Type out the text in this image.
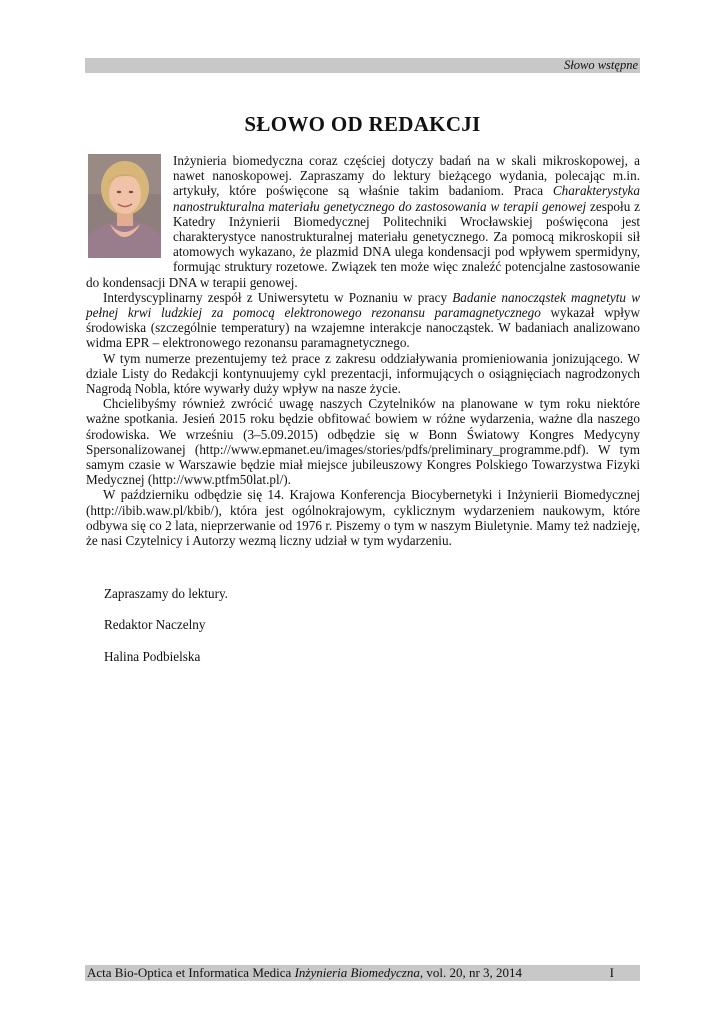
Słowo wstępne
SŁOWO OD REDAKCJI

Inżynieria biomedyczna coraz częściej dotyczy badań na w skali mikroskopowej, a nawet nanoskopowej. Zapraszamy do lektury bieżącego wydania, polecając m.in. artykuły, które poświęcone są właśnie takim badaniom. Praca Charakterystyka nanostrukturalna materiału genetycznego do zastosowania w terapii genowej zespołu z Katedry Inżynierii Biomedycznej Politechniki Wrocławskiej poświęcona jest charakterystyce nanostrukturalnej materiału genetycznego. Za pomocą mikroskopii sił atomowych wykazano, że plazmid DNA ulega kondensacji pod wpływem spermidyny, formując struktury rozetowe. Związek ten może więc znaleźć potencjalne zastosowanie do kondensacji DNA w terapii genowej.

Interdyscyplinarny zespół z Uniwersytetu w Poznaniu w pracy Badanie nanocząstek magnetytu w pełnej krwi ludzkiej za pomocą elektronowego rezonansu paramagnetycznego wykazał wpływ środowiska (szczególnie temperatury) na wzajemne interakcje nanocząstek. W badaniach analizowano widma EPR – elektronowego rezonansu paramagnetycznego.

W tym numerze prezentujemy też prace z zakresu oddziaływania promieniowania jonizującego. W dziale Listy do Redakcji kontynuujemy cykl prezentacji, informujących o osiągnięciach nagrodzonych Nagrodą Nobla, które wywarły duży wpływ na nasze życie.

Chcielibyśmy również zwrócić uwagę naszych Czytelników na planowane w tym roku niektóre ważne spotkania. Jesień 2015 roku będzie obfitować bowiem w różne wydarzenia, ważne dla naszego środowiska. We wrześniu (3–5.09.2015) odbędzie się w Bonn Światowy Kongres Medycyny Spersonalizowanej (http://www.epmanet.eu/images/stories/pdfs/preliminary_programme.pdf). W tym samym czasie w Warszawie będzie miał miejsce jubileuszowy Kongres Polskiego Towarzystwa Fizyki Medycznej (http://www.ptfm50lat.pl/).

W październiku odbędzie się 14. Krajowa Konferencja Biocybernetyki i Inżynierii Biomedycznej (http://ibib.waw.pl/kbib/), która jest ogólnokrajowym, cyklicznym wydarzeniem naukowym, które odbywa się co 2 lata, nieprzerwanie od 1976 r. Piszemy o tym w naszym Biuletynie. Mamy też nadzieję, że nasi Czytelnicy i Autorzy wezmą liczny udział w tym wydarzeniu.

Zapraszamy do lektury.
Redaktor Naczelny
Halina Podbielska
Acta Bio-Optica et Informatica Medica Inżynieria Biomedyczna, vol. 20, nr 3, 2014	I
